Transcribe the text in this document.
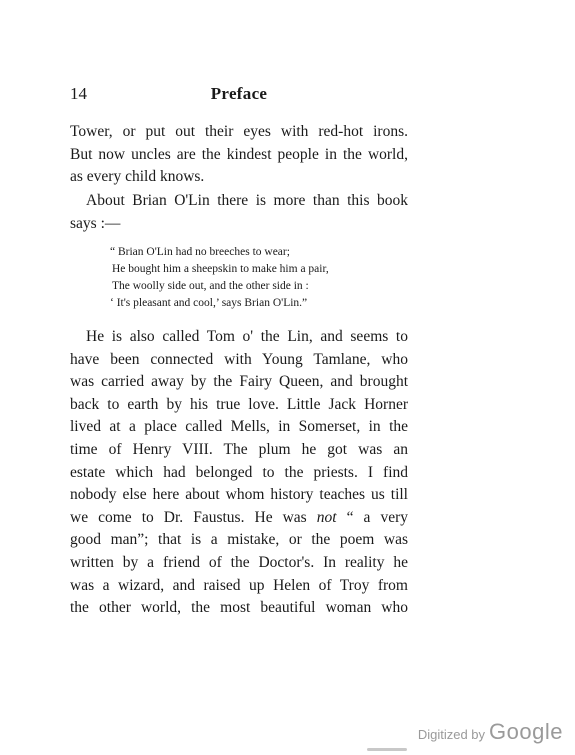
14	Preface
Tower, or put out their eyes with red-hot irons.
But now uncles are the kindest people in the world,
as every child knows.
About Brian O'Lin there is more than this book
says :—
“ Brian O'Lin had no breeches to wear;
He bought him a sheepskin to make him a pair,
The woolly side out, and the other side in :
‘ It's pleasant and cool,’ says Brian O'Lin.”
He is also called Tom o' the Lin, and seems to
have been connected with Young Tamlane, who
was carried away by the Fairy Queen, and brought
back to earth by his true love. Little Jack Horner
lived at a place called Mells, in Somerset, in the
time of Henry VIII. The plum he got was an
estate which had belonged to the priests. I find
nobody else here about whom history teaches us till
we come to Dr. Faustus. He was not “ a very
good man”; that is a mistake, or the poem was
written by a friend of the Doctor's. In reality he
was a wizard, and raised up Helen of Troy from
the other world, the most beautiful woman who
Digitized by Google
